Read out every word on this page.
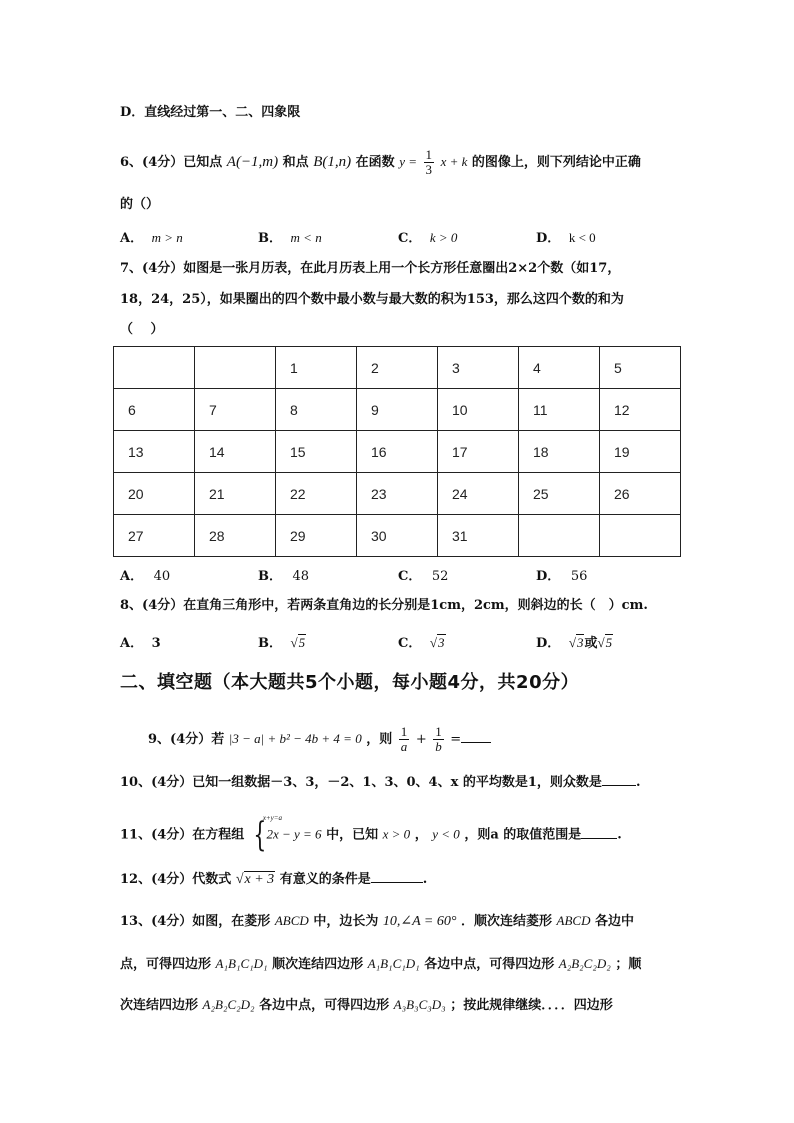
D．直线经过第一、二、四象限
6、(4分）已知点 A(−1,m) 和点 B(1,n) 在函数 $y = \frac{1}{3}$ x + k 的图像上，则下列结论中正确
的（）
A． m > n	B． m < n	C． k > 0	D． k < 0
7、(4分）如图是一张月历表，在此月历表上用一个长方形任意圈出2×2个数（如17，
18，24，25），如果圈出的四个数中最小数与最大数的积为153，那么这四个数的和为
（　 ）
		1	2	3	4	5
6	7	8	9	10	11	12
13	14	15	16	17	18	19
20	21	22	23	24	25	26
27	28	29	30	31		
A． 40	B． 48	C． 52	D． 56
8、(4分）在直角三角形中，若两条直角边的长分别是1cm，2cm，则斜边的长（　）cm.
A． 3	B． √5	C． √3	D． √3或√5
二、填空题（本大题共5个小题，每小题4分，共20分）
9、(4分）若 |3 − a| + b² − 4b + 4 = 0 ，则 $\frac{1}{a} + \frac{1}{b}$ =
10、(4分）已知一组数据－3、3，－2、1、3、0、4、x 的平均数是1，则众数是	.
11、(4分）在方程组
x+y=a
{2x − y = 6 中，已知 x > 0 ， y < 0 ，则a 的取值范围是	.
12、(4分）代数式 √x + 3 有意义的条件是	.
13、(4分）如图，在菱形 ABCD 中，边长为 10,∠A = 60° ．顺次连结菱形 ABCD 各边中
点，可得四边形 A₁B₁C₁D₁ 顺次连结四边形 A₁B₁C₁D₁ 各边中点，可得四边形 A₂B₂C₂D₂ ；顺
次连结四边形 A₂B₂C₂D₂ 各边中点，可得四边形 A₃B₃C₃D₃ ；按此规律继续．．．．四边形
